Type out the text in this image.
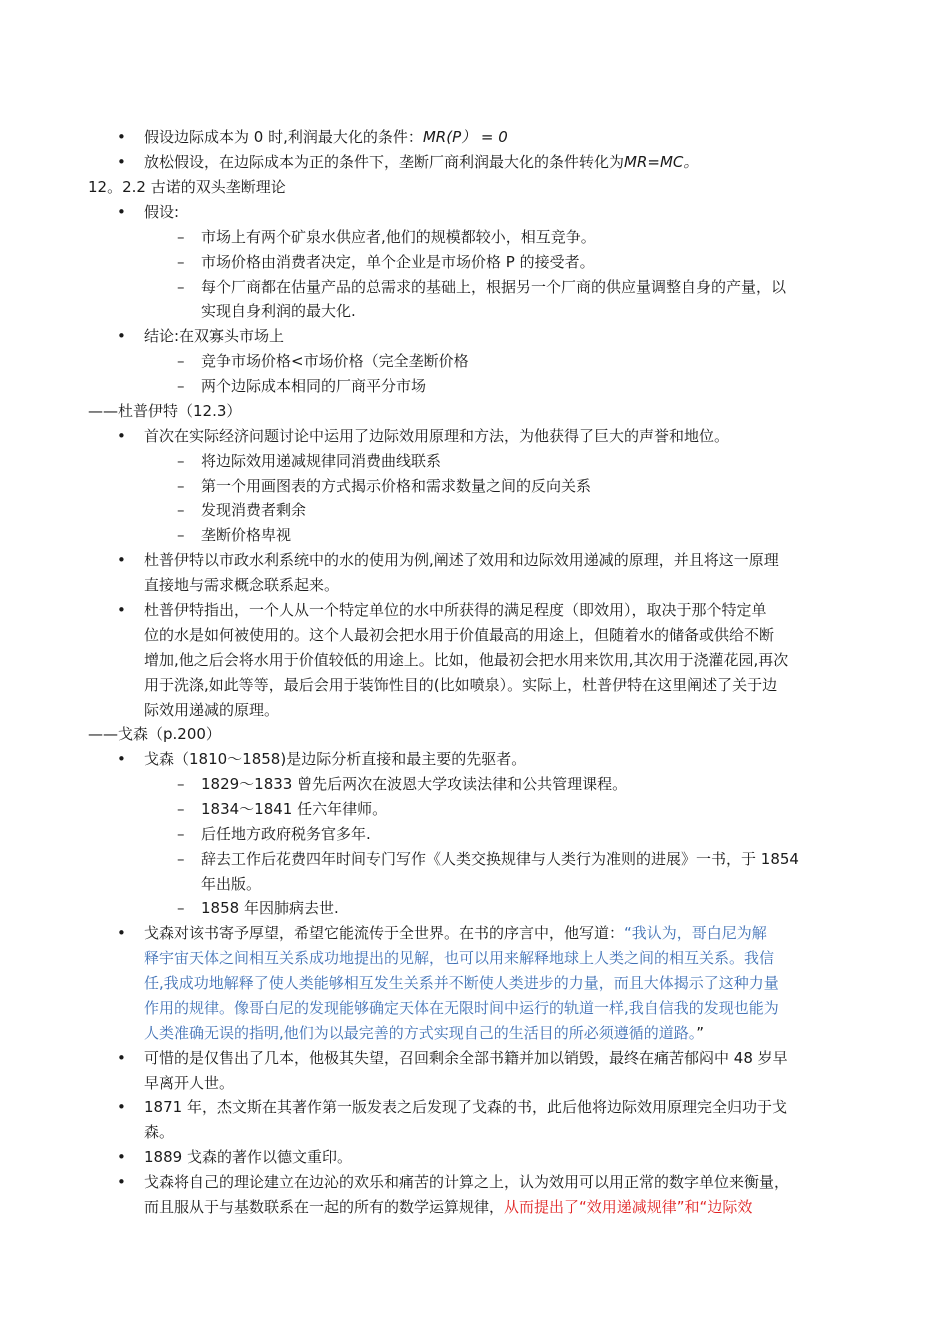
• 假设边际成本为 0 时,利润最大化的条件：MR(P） = 0
• 放松假设，在边际成本为正的条件下，垄断厂商利润最大化的条件转化为MR=MC。
12。2.2 古诺的双头垄断理论
• 假设:
–	市场上有两个矿泉水供应者,他们的规模都较小，相互竞争。
–	市场价格由消费者决定，单个企业是市场价格 P 的接受者。
–	每个厂商都在估量产品的总需求的基础上，根据另一个厂商的供应量调整自身的产量，以
实现自身利润的最大化.
• 结论:在双寡头市场上
–	竞争市场价格<市场价格（完全垄断价格
–	两个边际成本相同的厂商平分市场
——杜普伊特（12.3）
• 首次在实际经济问题讨论中运用了边际效用原理和方法，为他获得了巨大的声誉和地位。
–	将边际效用递减规律同消费曲线联系
–	第一个用画图表的方式揭示价格和需求数量之间的反向关系
–	发现消费者剩余
–	垄断价格卑视
• 杜普伊特以市政水利系统中的水的使用为例,阐述了效用和边际效用递减的原理，并且将这一原理
直接地与需求概念联系起来。
• 杜普伊特指出，一个人从一个特定单位的水中所获得的满足程度（即效用），取决于那个特定单
位的水是如何被使用的。这个人最初会把水用于价值最高的用途上，但随着水的储备或供给不断
增加,他之后会将水用于价值较低的用途上。比如，他最初会把水用来饮用,其次用于浇灌花园,再次
用于洗涤,如此等等，最后会用于装饰性目的(比如喷泉）。实际上，杜普伊特在这里阐述了关于边
际效用递减的原理。
——戈森（p.200）
• 戈森（1810～1858)是边际分析直接和最主要的先驱者。
–	1829～1833 曾先后两次在波恩大学攻读法律和公共管理课程。
–	1834～1841 任六年律师。
–	后任地方政府税务官多年.
–	辞去工作后花费四年时间专门写作《人类交换规律与人类行为准则的进展》一书，于 1854
年出版。
–	1858 年因肺病去世.
• 戈森对该书寄予厚望，希望它能流传于全世界。在书的序言中，他写道：“我认为，哥白尼为解
释宇宙天体之间相互关系成功地提出的见解，也可以用来解释地球上人类之间的相互关系。我信
任,我成功地解释了使人类能够相互发生关系并不断使人类进步的力量，而且大体揭示了这种力量
作用的规律。像哥白尼的发现能够确定天体在无限时间中运行的轨道一样,我自信我的发现也能为
人类准确无误的指明,他们为以最完善的方式实现自己的生活目的所必须遵循的道路。”
• 可惜的是仅售出了几本，他极其失望，召回剩余全部书籍并加以销毁，最终在痛苦郁闷中 48 岁早
早离开人世。
• 1871 年，杰文斯在其著作第一版发表之后发现了戈森的书，此后他将边际效用原理完全归功于戈
森。
• 1889 戈森的著作以德文重印。
• 戈森将自己的理论建立在边沁的欢乐和痛苦的计算之上，认为效用可以用正常的数字单位来衡量，
而且服从于与基数联系在一起的所有的数学运算规律，从而提出了“效用递减规律”和“边际效
